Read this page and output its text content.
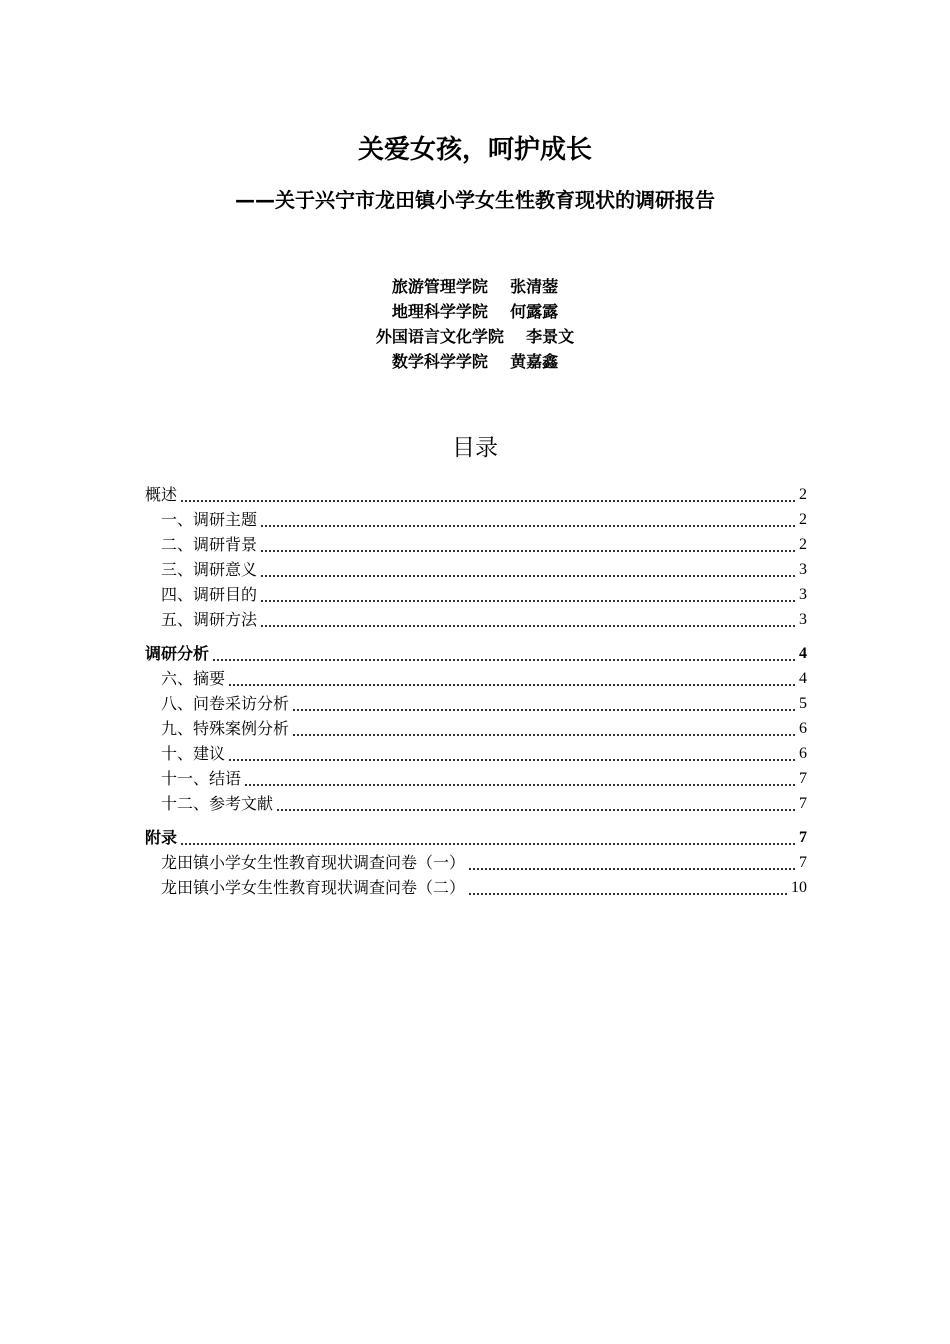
关爱女孩，呵护成长
——关于兴宁市龙田镇小学女生性教育现状的调研报告
旅游管理学院    张清蓥
地理科学学院    何露露
外国语言文化学院    李景文
数学科学学院    黄嘉鑫
目录
概述	2
一、调研主题	2
二、调研背景	2
三、调研意义	3
四、调研目的	3
五、调研方法	3
调研分析	4
六、摘要	4
八、问卷采访分析	5
九、特殊案例分析	6
十、建议	6
十一、结语	7
十二、参考文献	7
附录	7
龙田镇小学女生性教育现状调查问卷（一）	7
龙田镇小学女生性教育现状调查问卷（二）	10
